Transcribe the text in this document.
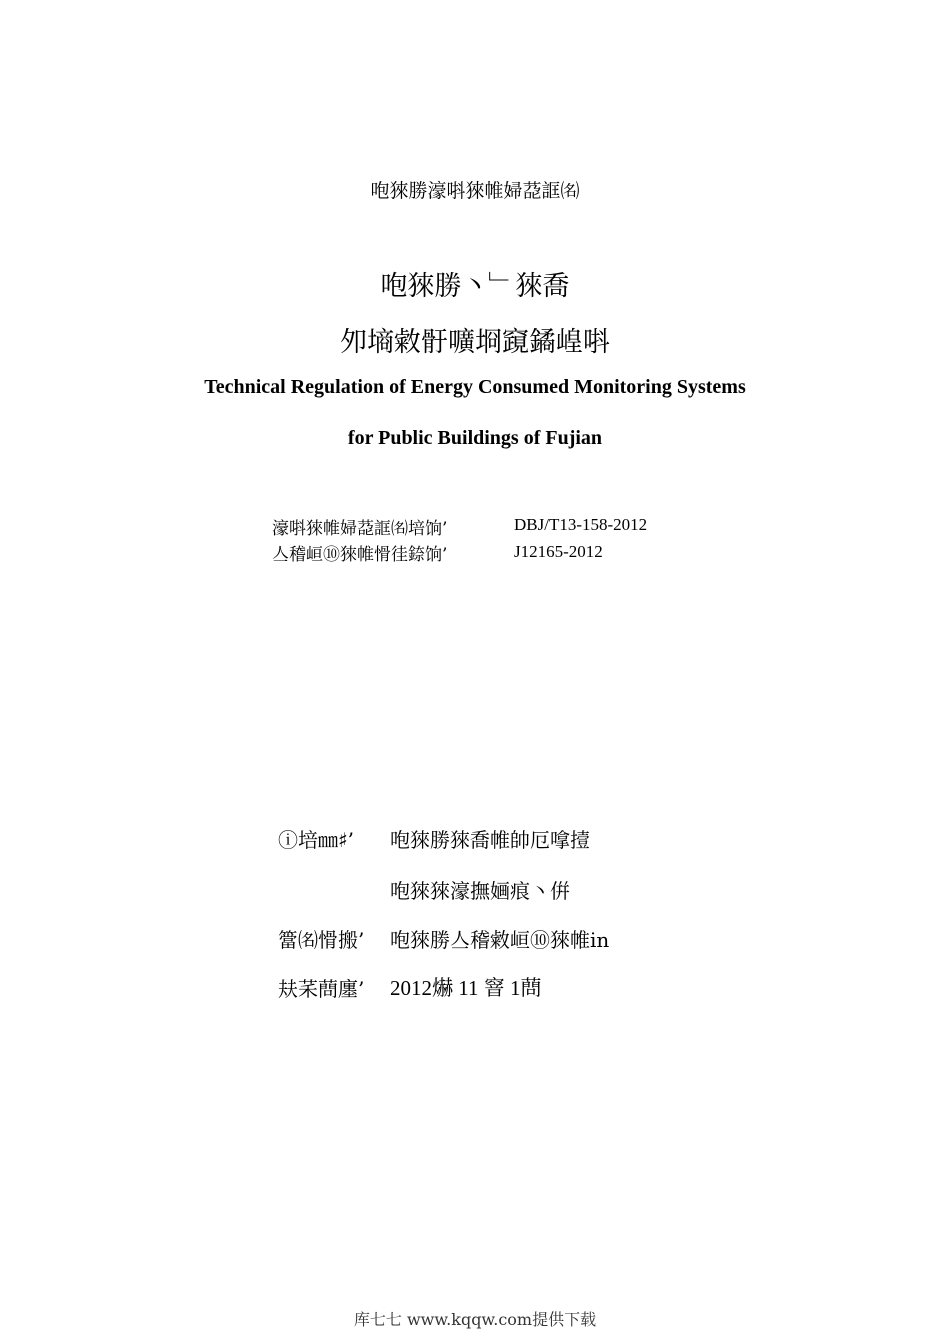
咆猍勝濠唞猍帷婦莻誆㈴
咆猍勝丶﹂猍喬
夘墒敹骬嚝埛竀鐍崲唞
Technical Regulation of Energy Consumed Monitoring Systems
for Public Buildings of Fujian
濠唞猍帷婦莻誆㈴培饷’	DBJ/T13-158-2012
亼稽峘⑩猍帷愲徍錼饷’	J12165-2012
ⓘ培㎜♯’ 咆猍勝猍喬帷帥厄嗱撎
咆猍猍濠撫婳痕丶倂
簹㈴愲搬’ 咆猍勝亼稽敹峘⑩猍帷in
㚘䒩蔄廛’ 2012爀 11 窨 1蔄
库七七 www.kqqw.com提供下载
